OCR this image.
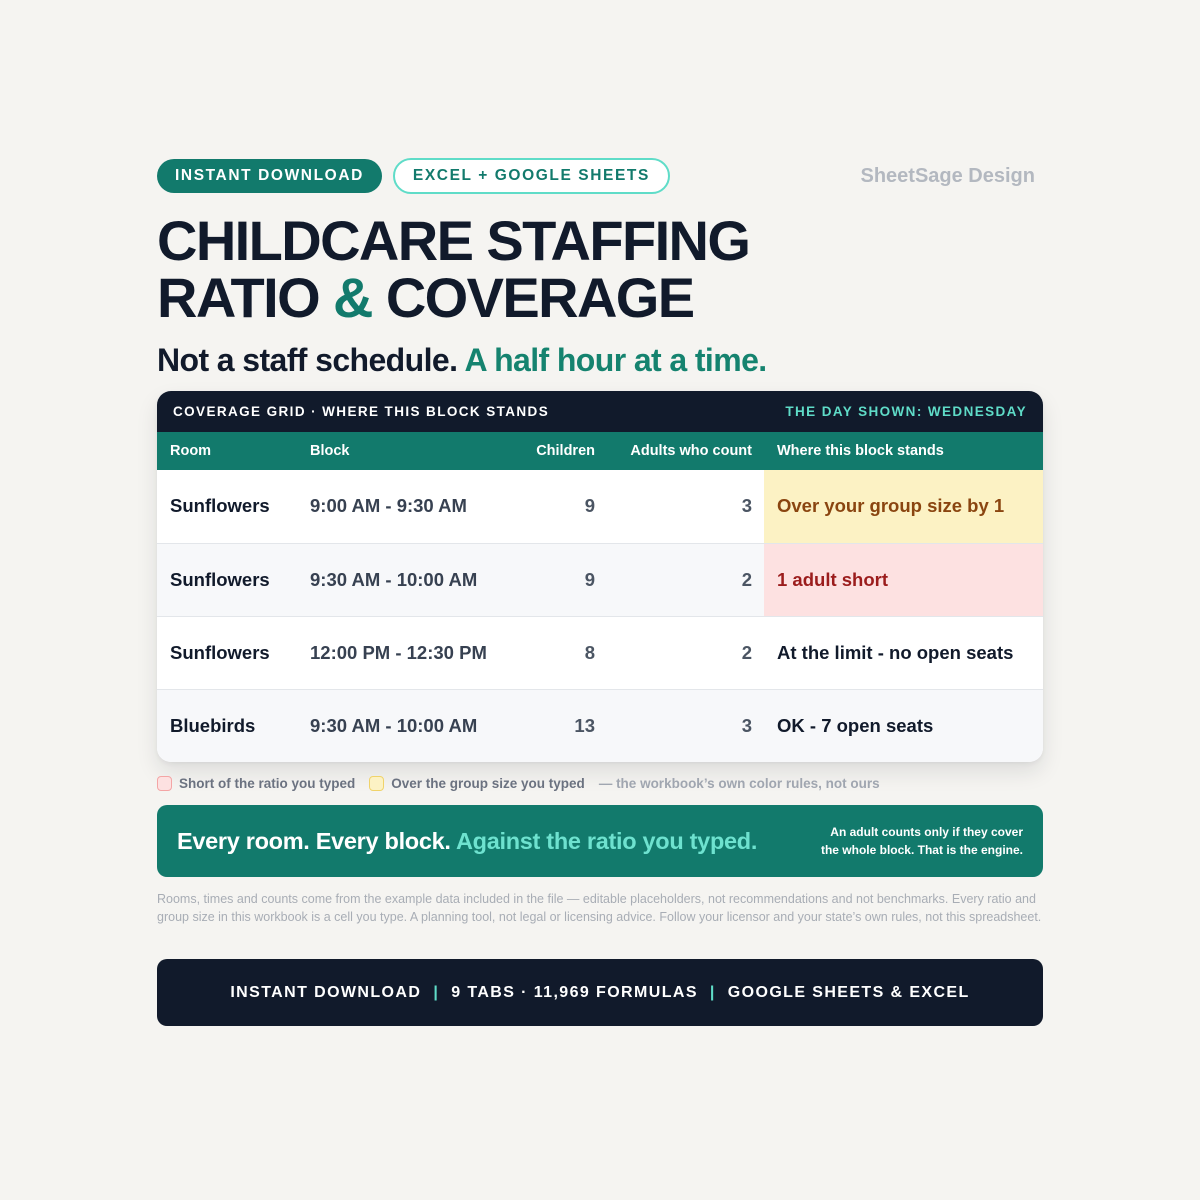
INSTANT DOWNLOAD	EXCEL + GOOGLE SHEETS	SheetSage Design
CHILDCARE STAFFING
RATIO & COVERAGE
Not a staff schedule. A half hour at a time.
COVERAGE GRID · WHERE THIS BLOCK STANDS	THE DAY SHOWN: WEDNESDAY
Room	Block	Children	Adults who count	Where this block stands
Sunflowers	9:00 AM - 9:30 AM	9	3	Over your group size by 1
Sunflowers	9:30 AM - 10:00 AM	9	2	1 adult short
Sunflowers	12:00 PM - 12:30 PM	8	2	At the limit - no open seats
Bluebirds	9:30 AM - 10:00 AM	13	3	OK - 7 open seats
Short of the ratio you typed	Over the group size you typed — the workbook’s own color rules, not ours
Every room. Every block. Against the ratio you typed.	An adult counts only if they cover
the whole block. That is the engine.

Rooms, times and counts come from the example data included in the file — editable placeholders, not recommendations and not benchmarks. Every ratio and group size in this workbook is a cell you type. A planning tool, not legal or licensing advice. Follow your licensor and your state’s own rules, not this spreadsheet.

INSTANT DOWNLOAD | 9 TABS · 11,969 FORMULAS | GOOGLE SHEETS & EXCEL
